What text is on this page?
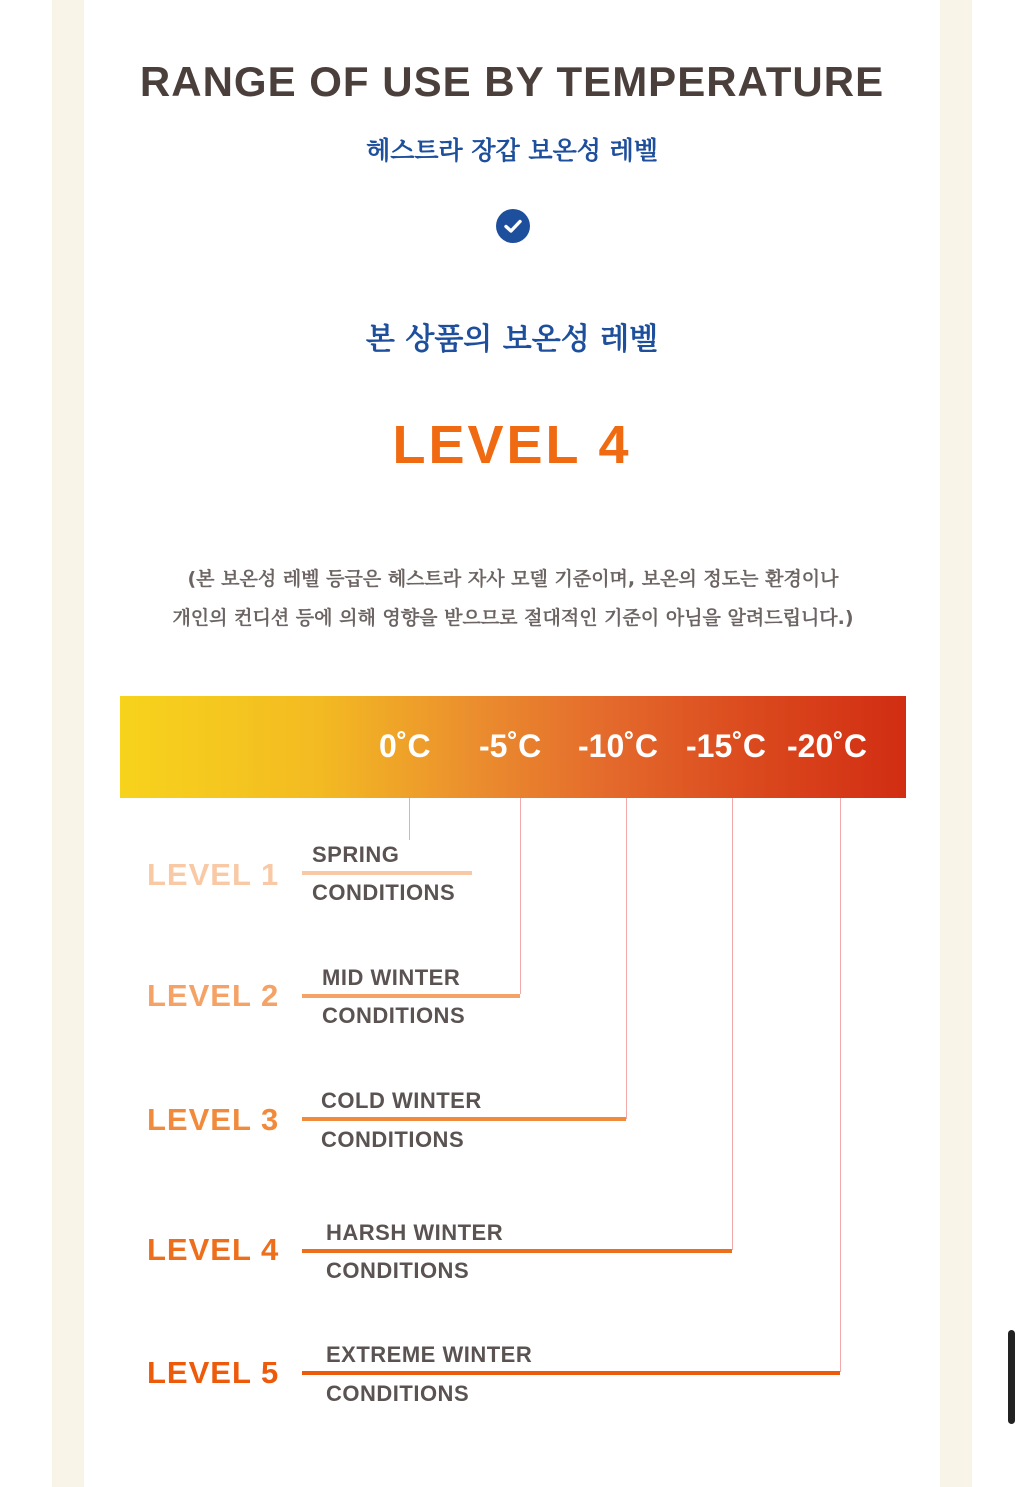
RANGE OF USE BY TEMPERATURE
헤스트라 장갑 보온성 레벨
본 상품의 보온성 레벨
LEVEL 4
(본 보온성 레벨 등급은 헤스트라 자사 모델 기준이며, 보온의 정도는 환경이나
개인의 컨디션 등에 의해 영향을 받으므로 절대적인 기준이 아님을 알려드립니다.)
0˚C -5˚C -10˚C -15˚C -20˚C
LEVEL 1
LEVEL 2
LEVEL 3
LEVEL 4
LEVEL 5
SPRING
CONDITIONS
MID WINTER
CONDITIONS
COLD WINTER
CONDITIONS
HARSH WINTER
CONDITIONS
EXTREME WINTER
CONDITIONS
